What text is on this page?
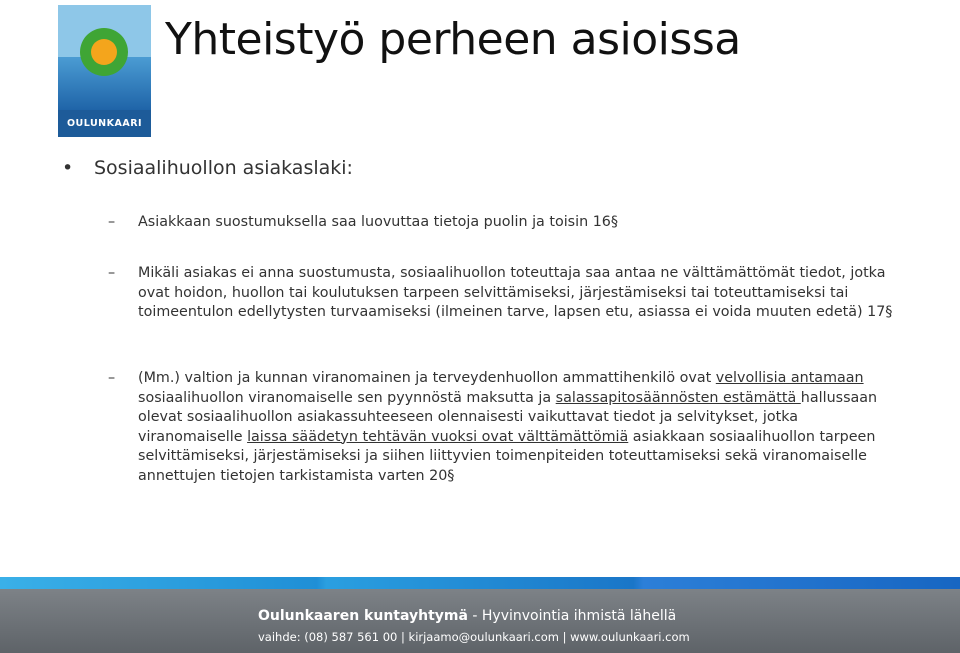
OULUNKAARI
Yhteistyö perheen asioissa
• Sosiaalihuollon asiakaslaki:
– Asiakkaan suostumuksella saa luovuttaa tietoja puolin ja toisin 16§
– Mikäli asiakas ei anna suostumusta, sosiaalihuollon toteuttaja saa antaa ne välttämättömät tiedot, jotka ovat hoidon, huollon tai koulutuksen tarpeen selvittämiseksi, järjestämiseksi tai toteuttamiseksi tai toimeentulon edellytysten turvaamiseksi (ilmeinen tarve, lapsen etu, asiassa ei voida muuten edetä) 17§
– (Mm.) valtion ja kunnan viranomainen ja terveydenhuollon ammattihenkilö ovat velvollisia antamaan sosiaalihuollon viranomaiselle sen pyynnöstä maksutta ja salassapitosäännösten estämättä hallussaan olevat sosiaalihuollon asiakassuhteeseen olennaisesti vaikuttavat tiedot ja selvitykset, jotka viranomaiselle laissa säädetyn tehtävän vuoksi ovat välttämättömiä asiakkaan sosiaalihuollon tarpeen selvittämiseksi, järjestämiseksi ja siihen liittyvien toimenpiteiden toteuttamiseksi sekä viranomaiselle annettujen tietojen tarkistamista varten 20§
Oulunkaaren kuntayhtymä - Hyvinvointia ihmistä lähellä
vaihde: (08) 587 561 00 | kirjaamo@oulunkaari.com | www.oulunkaari.com
